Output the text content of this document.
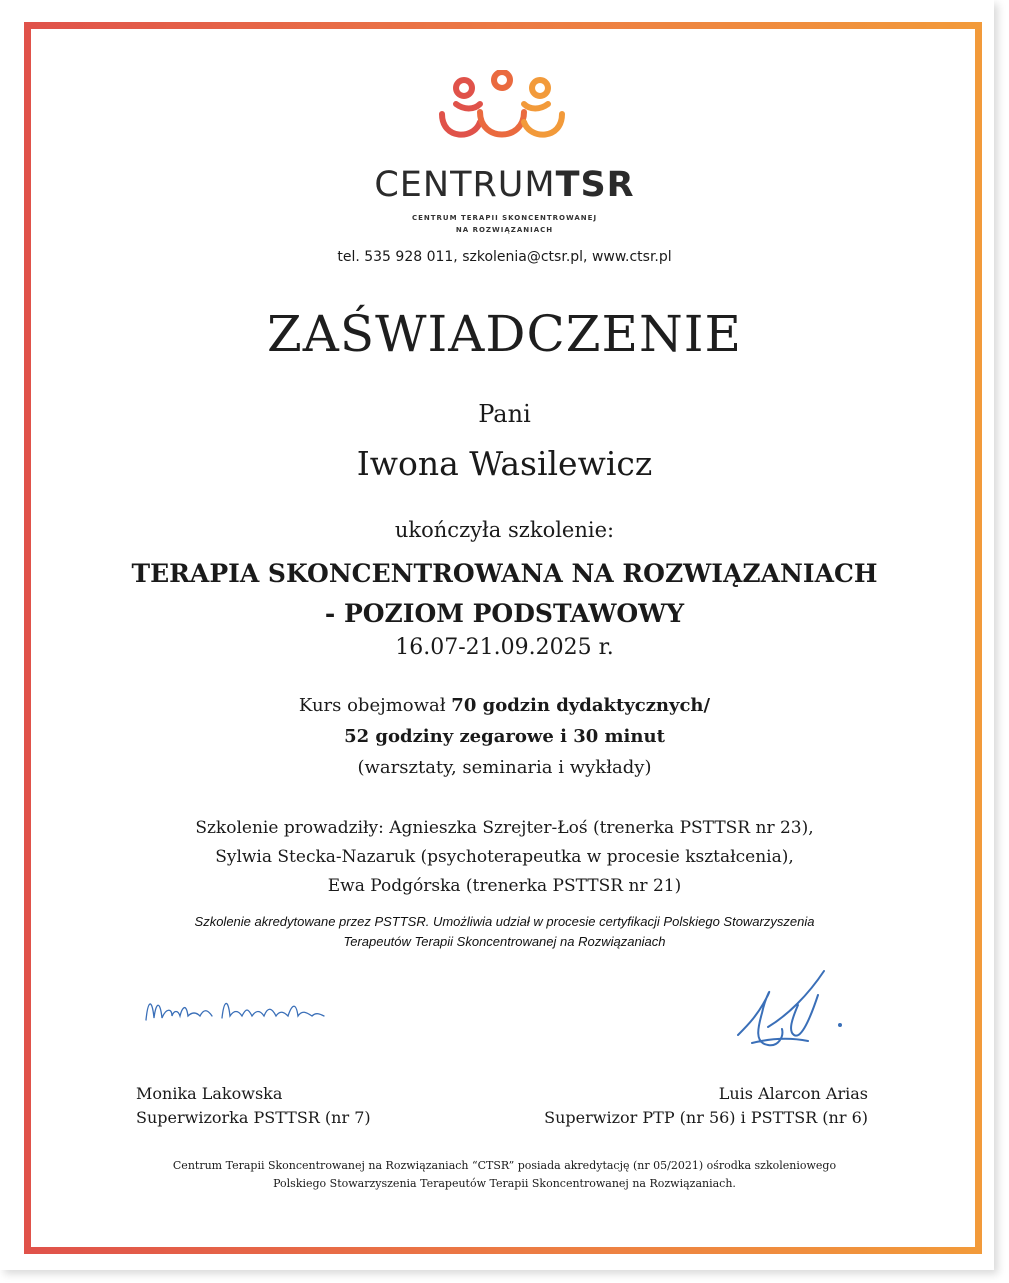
CENTRUMTSR
CENTRUM TERAPII SKONCENTROWANEJ
NA ROZWIĄZANIACH
tel. 535 928 011, szkolenia@ctsr.pl, www.ctsr.pl
ZAŚWIADCZENIE
Pani
Iwona Wasilewicz
ukończyła szkolenie:
TERAPIA SKONCENTROWANA NA ROZWIĄZANIACH
- POZIOM PODSTAWOWY
16.07-21.09.2025 r.
Kurs obejmował 70 godzin dydaktycznych/
52 godziny zegarowe i 30 minut
(warsztaty, seminaria i wykłady)
Szkolenie prowadziły: Agnieszka Szrejter-Łoś (trenerka PSTTSR nr 23),
Sylwia Stecka-Nazaruk (psychoterapeutka w procesie kształcenia),
Ewa Podgórska (trenerka PSTTSR nr 21)
Szkolenie akredytowane przez PSTTSR. Umożliwia udział w procesie certyfikacji Polskiego Stowarzyszenia
Terapeutów Terapii Skoncentrowanej na Rozwiązaniach
Monika Lakowska
Superwizorka PSTTSR (nr 7)
Luis Alarcon Arias
Superwizor PTP (nr 56) i PSTTSR (nr 6)
Centrum Terapii Skoncentrowanej na Rozwiązaniach “CTSR” posiada akredytację (nr 05/2021) ośrodka szkoleniowego
Polskiego Stowarzyszenia Terapeutów Terapii Skoncentrowanej na Rozwiązaniach.
